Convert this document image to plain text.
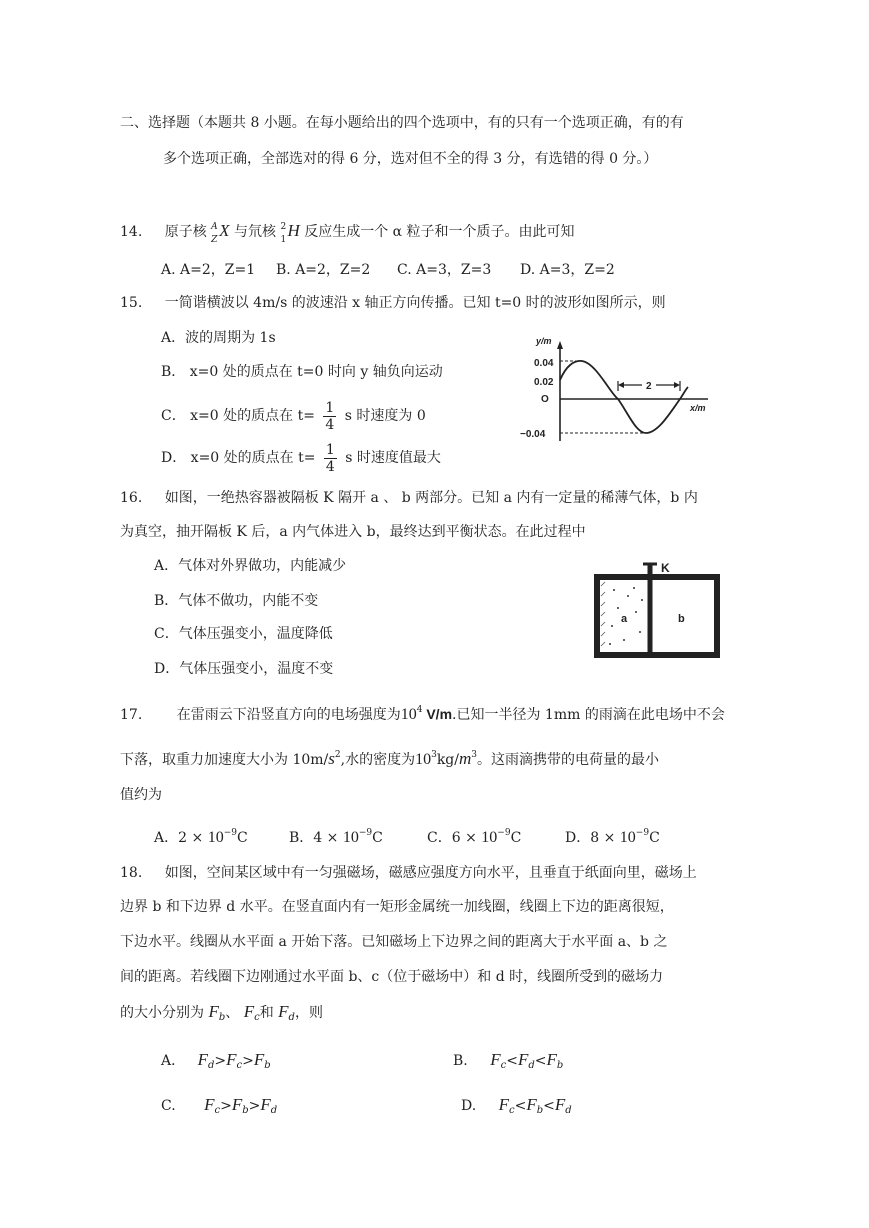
二、选择题（本题共 8 小题。在每小题给出的四个选项中，有的只有一个选项正确，有的有
多个选项正确，全部选对的得 6 分，选对但不全的得 3 分，有选错的得 0 分。）
14. 原子核 A
Z X 与氘核 2
1 H 反应生成一个 α 粒子和一个质子。由此可知
A. A=2，Z=1 B. A=2，Z=2 C. A=3，Z=3 D. A=3，Z=2
15. 一简谐横波以 4m/s 的波速沿 x 轴正方向传播。已知 t=0 时的波形如图所示，则
A．波的周期为 1s
B． x=0 处的质点在 t=0 时向 y 轴负向运动
C． x=0 处的质点在 $t= \frac{1}{4}$ s 时速度为 0
D． x=0 处的质点在 $t= \frac{1}{4}$ s 时速度值最大
y/m
0.04
0.02
O
−0.04
x/m
2
16. 如图，一绝热容器被隔板 K 隔开 a 、 b 两部分。已知 a 内有一定量的稀薄气体，b 内
为真空，抽开隔板 K 后，a 内气体进入 b，最终达到平衡状态。在此过程中
A．气体对外界做功，内能减少
B．气体不做功，内能不变
C．气体压强变小，温度降低
D．气体压强变小，温度不变
K
a	b
17. 在雷雨云下沿竖直方向的电场强度为$10^4$ V/m.已知一半径为 1mm 的雨滴在此电场中不会
下落，取重力加速度大小为 $10m/s^2$,水的密度为$10^3kg/m^3$。这雨滴携带的电荷量的最小
值约为
A．$2 \times 10^{-9}C$	B．$4 \times 10^{-9}C$	C．$6 \times 10^{-9}C$	D．$8 \times 10^{-9}C$
18. 如图，空间某区域中有一匀强磁场，磁感应强度方向水平，且垂直于纸面向里，磁场上
边界 b 和下边界 d 水平。在竖直面内有一矩形金属统一加线圈，线圈上下边的距离很短，
下边水平。线圈从水平面 a 开始下落。已知磁场上下边界之间的距离大于水平面 a、b 之
间的距离。若线圈下边刚通过水平面 b、c（位于磁场中）和 d 时，线圈所受到的磁场力
的大小分别为 $F_b$、 $F_c$和 $F_d$，则
A． $F_d>F_c>F_b$	B. $F_c<F_d<F_b$
C. $F_c>F_b>F_d$	D. $F_c<F_b<F_d$
